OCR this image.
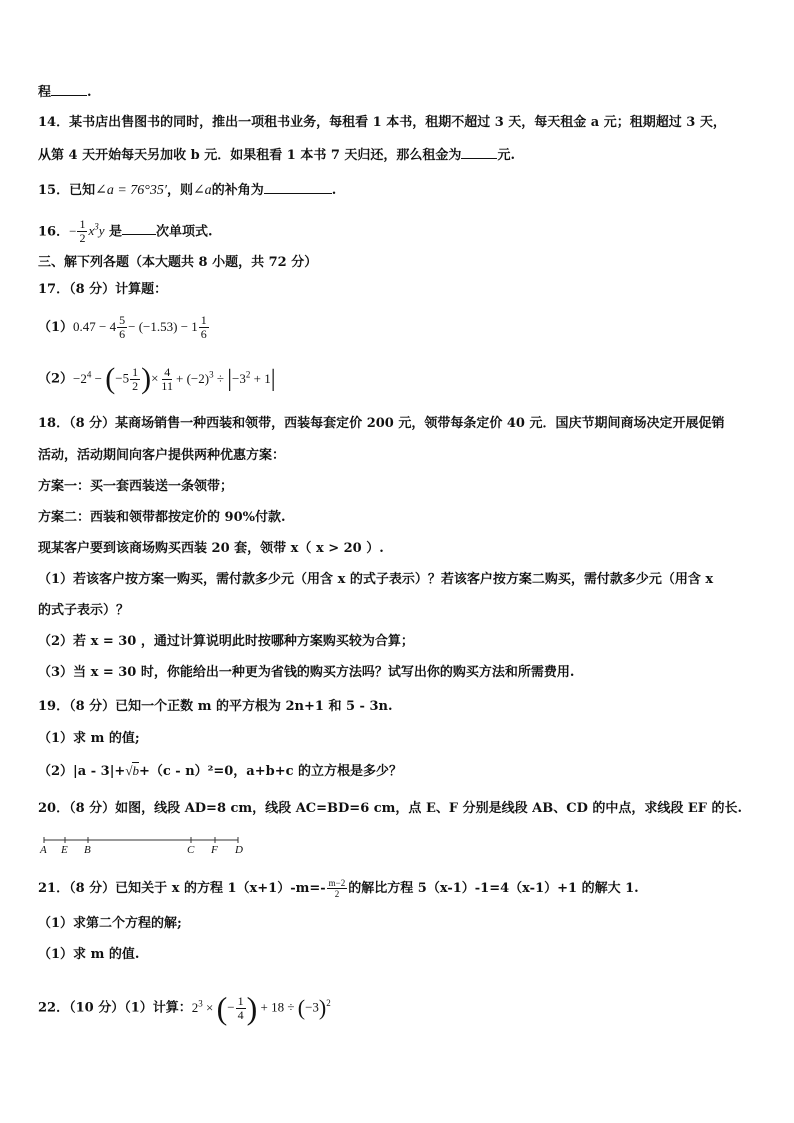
程	.
14．某书店出售图书的同时，推出一项租书业务，每租看 1 本书，租期不超过 3 天，每天租金 a 元；租期超过 3 天，
从第 4 天开始每天另加收 b 元．如果租看 1 本书 7 天归还，那么租金为	元.
15．已知∠a = 76°35′，则∠a的补角为	.
16．− $\frac{1}{2} x^3y$ 是	次单项式.
三、解下列各题（本大题共 8 小题，共 72 分）
17．（8 分）计算题：
$(1)0.47 - 4 \frac{5}{6} - (-1.53) - 1 \frac{1}{6}$
$(2)-2^4 - (-5 \frac{1}{2}$ )× $\frac{4}{11} + (-2)^3 \div |-3^2 + 1|$
18．（8 分）某商场销售一种西装和领带，西装每套定价 200 元，领带每条定价 40 元．国庆节期间商场决定开展促销
活动，活动期间向客户提供两种优惠方案：
方案一：买一套西装送一条领带；
方案二：西装和领带都按定价的 90%付款.
现某客户要到该商场购买西装 20 套，领带 x（ x > 20 ）.
（1）若该客户按方案一购买，需付款多少元（用含 x 的式子表示）？若该客户按方案二购买，需付款多少元（用含 x
的式子表示）？
（2）若 x = 30 ，通过计算说明此时按哪种方案购买较为合算；
（3）当 x = 30 时，你能给出一种更为省钱的购买方法吗？试写出你的购买方法和所需费用.
19．（8 分）已知一个正数 m 的平方根为 2n+1 和 5 - 3n.
（1）求 m 的值;
（2）|a - 3|+√b+（c - n）²=0，a+b+c 的立方根是多少？
20．（8 分）如图，线段 AD=8 cm，线段 AC=BD=6 cm，点 E、F 分别是线段 AB、CD 的中点，求线段 EF 的长.
A E B	C F D
21．（8 分）已知关于 x 的方程 $1(x+1)-m=- \frac{m-2}{2}$ 的解比方程 5（x-1）-1=4（x-1）+1 的解大 1.
（1）求第二个方程的解;
（1）求 m 的值.
22．（10 分）（1）计算：$2^3$ × (− $\frac{1}{4}$ ) + $18 \div (-3)^2$
